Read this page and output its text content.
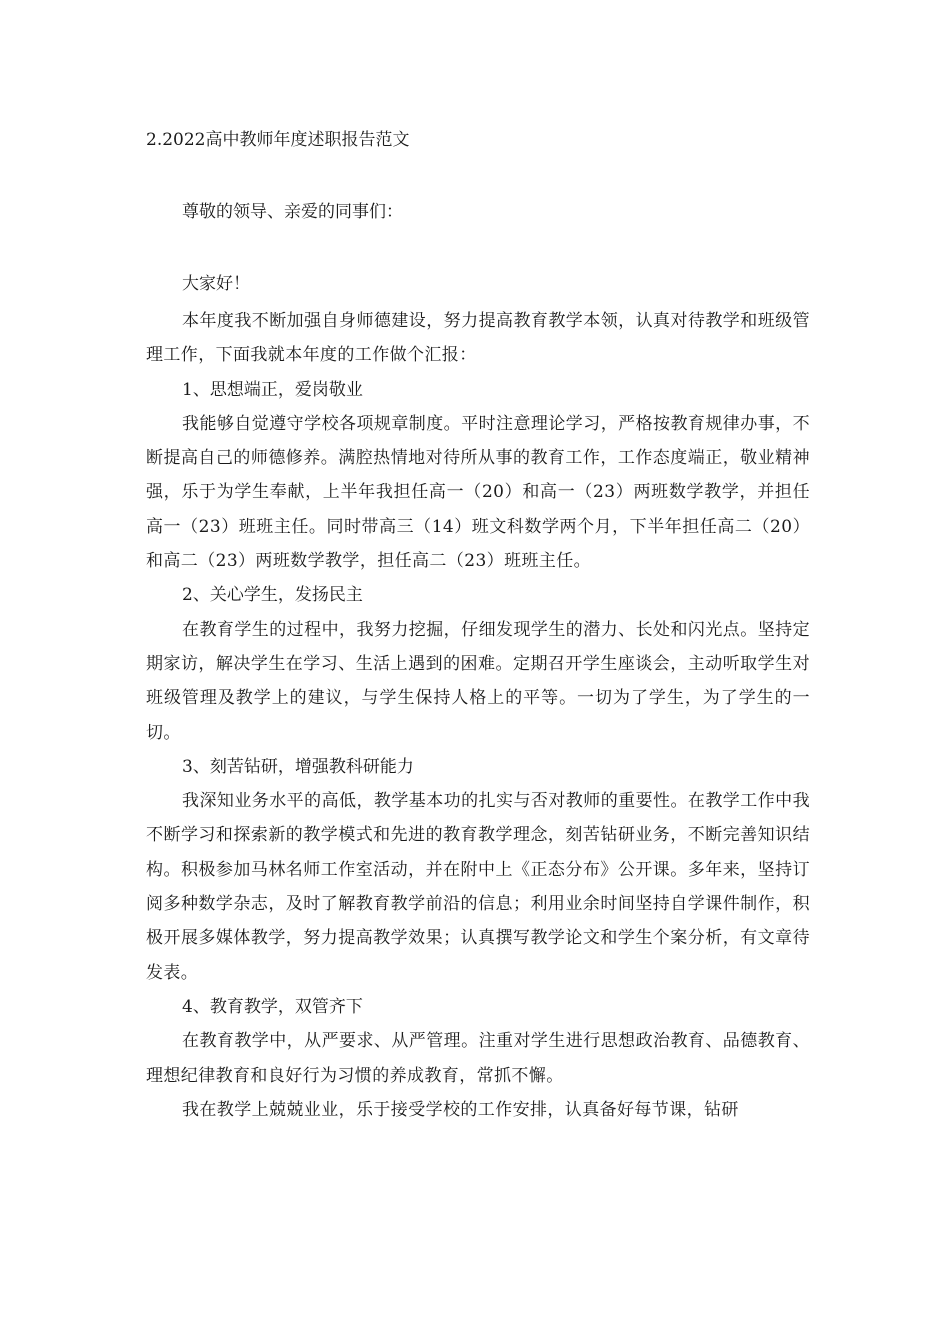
2.2022高中教师年度述职报告范文
尊敬的领导、亲爱的同事们：
大家好！

本年度我不断加强自身师德建设，努力提高教育教学本领，认真对待教学和班级管理工作，下面我就本年度的工作做个汇报：

1、思想端正，爱岗敬业

我能够自觉遵守学校各项规章制度。平时注意理论学习，严格按教育规律办事，不断提高自己的师德修养。满腔热情地对待所从事的教育工作，工作态度端正，敬业精神强，乐于为学生奉献，上半年我担任高一（20）和高一（23）两班数学教学，并担任高一（23）班班主任。同时带高三（14）班文科数学两个月，下半年担任高二（20）和高二（23）两班数学教学，担任高二（23）班班主任。

2、关心学生，发扬民主

在教育学生的过程中，我努力挖掘，仔细发现学生的潜力、长处和闪光点。坚持定期家访，解决学生在学习、生活上遇到的困难。定期召开学生座谈会，主动听取学生对班级管理及教学上的建议，与学生保持人格上的平等。一切为了学生，为了学生的一切。

3、刻苦钻研，增强教科研能力

我深知业务水平的高低，教学基本功的扎实与否对教师的重要性。在教学工作中我不断学习和探索新的教学模式和先进的教育教学理念，刻苦钻研业务，不断完善知识结构。积极参加马林名师工作室活动，并在附中上《正态分布》公开课。多年来，坚持订阅多种数学杂志，及时了解教育教学前沿的信息；利用业余时间坚持自学课件制作，积极开展多媒体教学，努力提高教学效果；认真撰写教学论文和学生个案分析，有文章待发表。

4、教育教学，双管齐下

在教育教学中，从严要求、从严管理。注重对学生进行思想政治教育、品德教育、理想纪律教育和良好行为习惯的养成教育，常抓不懈。

我在教学上兢兢业业，乐于接受学校的工作安排，认真备好每节课，钻研
